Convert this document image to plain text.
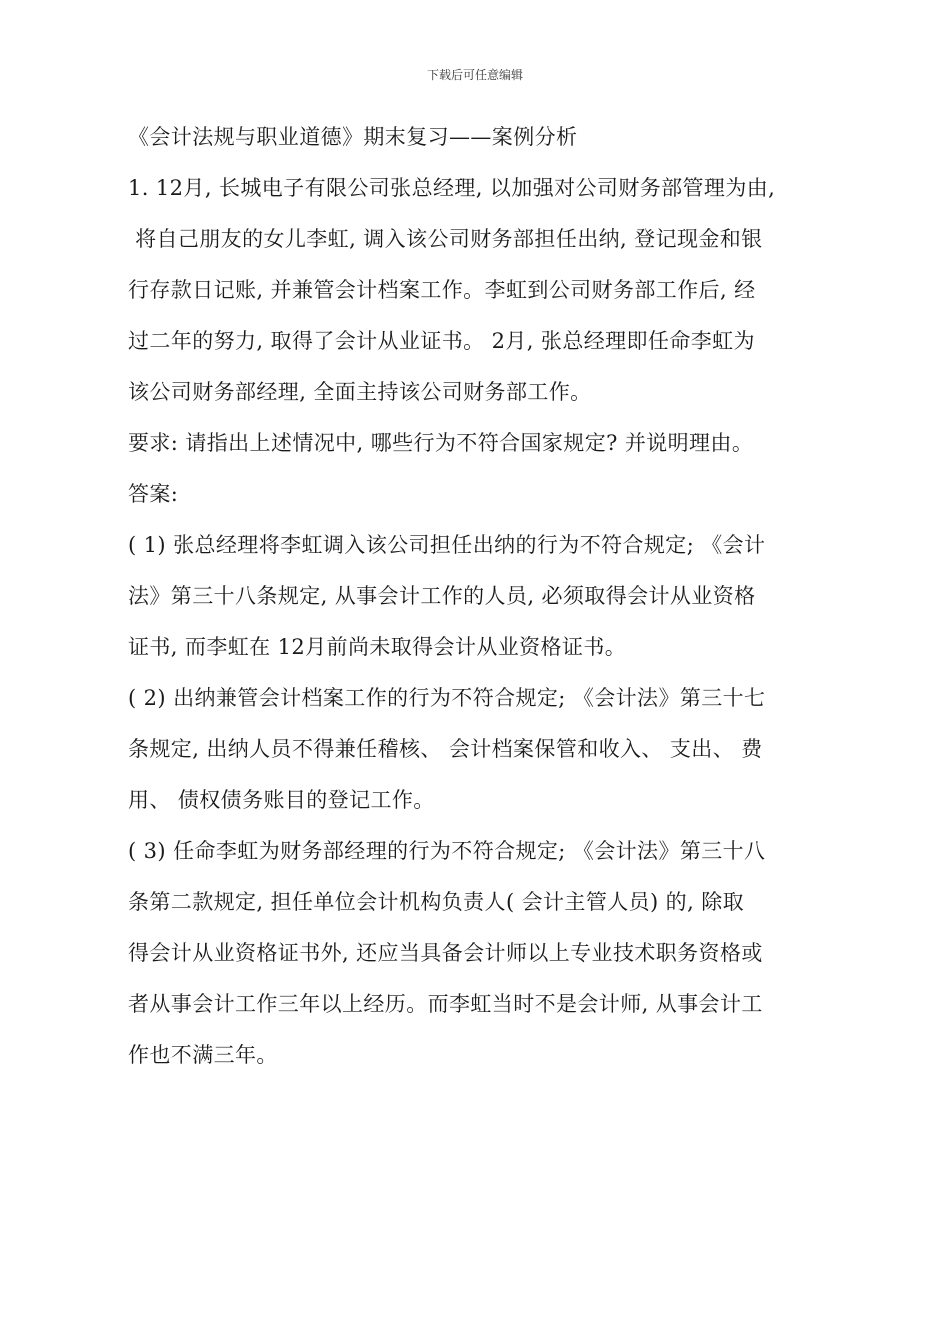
下载后可任意编辑
《会计法规与职业道德》期末复习——案例分析
1. 12月, 长城电子有限公司张总经理, 以加强对公司财务部管理为由,
将自己朋友的女儿李虹, 调入该公司财务部担任出纳, 登记现金和银
行存款日记账, 并兼管会计档案工作。李虹到公司财务部工作后, 经
过二年的努力, 取得了会计从业证书。 2月, 张总经理即任命李虹为
该公司财务部经理, 全面主持该公司财务部工作。
要求: 请指出上述情况中, 哪些行为不符合国家规定? 并说明理由。
答案:
( 1) 张总经理将李虹调入该公司担任出纳的行为不符合规定; 《会计
法》第三十八条规定, 从事会计工作的人员, 必须取得会计从业资格
证书, 而李虹在 12月前尚未取得会计从业资格证书。
( 2) 出纳兼管会计档案工作的行为不符合规定; 《会计法》第三十七
条规定, 出纳人员不得兼任稽核、 会计档案保管和收入、 支出、 费
用、 债权债务账目的登记工作。
( 3) 任命李虹为财务部经理的行为不符合规定; 《会计法》第三十八
条第二款规定, 担任单位会计机构负责人( 会计主管人员) 的, 除取
得会计从业资格证书外, 还应当具备会计师以上专业技术职务资格或
者从事会计工作三年以上经历。而李虹当时不是会计师, 从事会计工
作也不满三年。
